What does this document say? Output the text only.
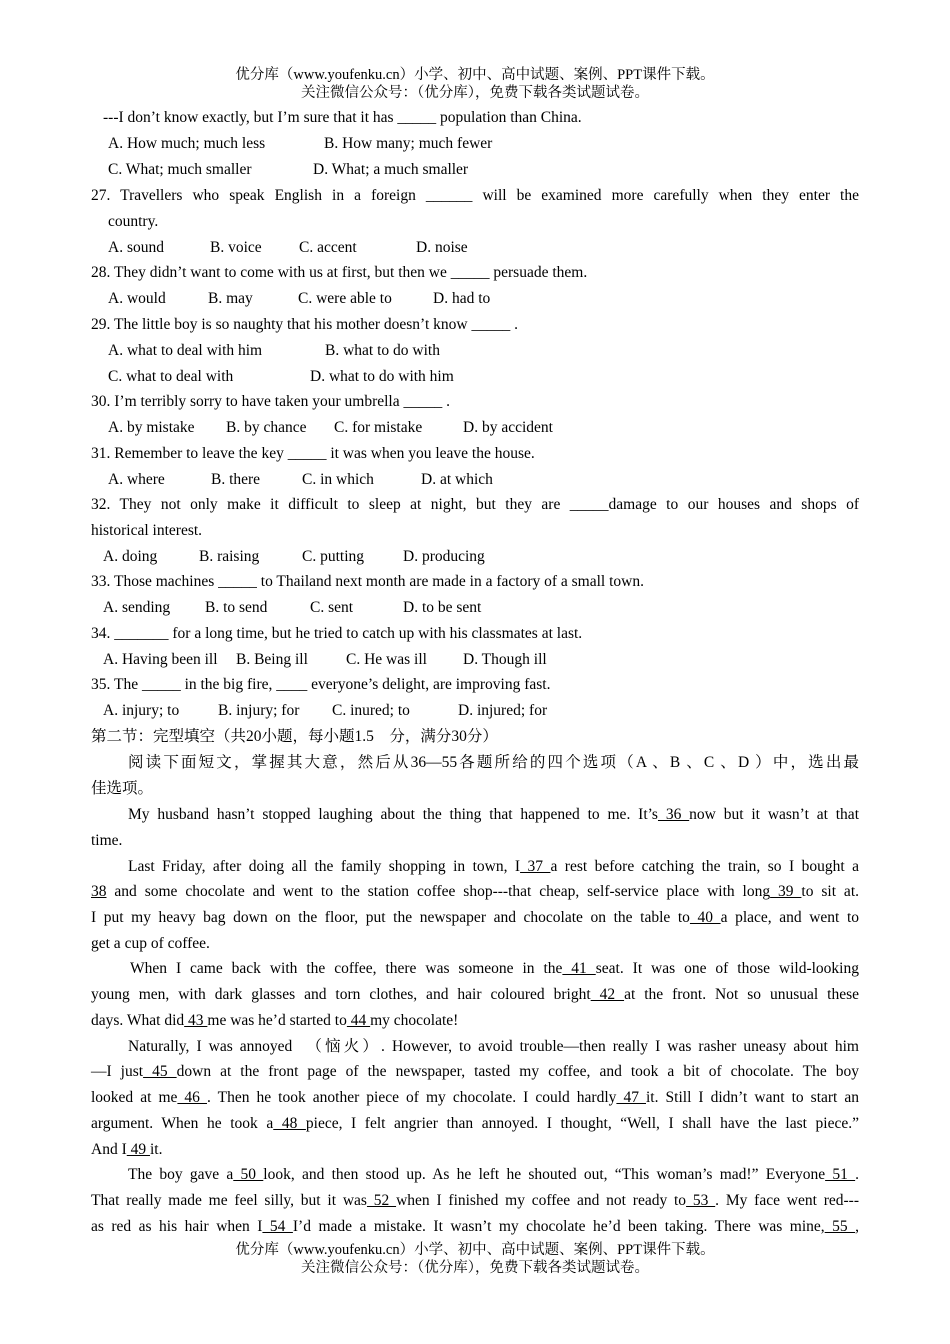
优分库（www.youfenku.cn）小学、初中、高中试题、案例、PPT课件下载。
关注微信公众号：（优分库），免费下载各类试题试卷。
---I don’t know exactly, but I’m sure that it has _____ population than China.
A. How much; much less	B. How many; much fewer
C. What; much smaller	D. What; a much smaller
27. Travellers who speak English in a foreign ______ will be examined more carefully when they enter the
country.
A. sound	B. voice C. accent	D. noise
28. They didn’t want to come with us at first, but then we _____ persuade them.
A. would	B. may	C. were able to	D. had to
29. The little boy is so naughty that his mother doesn’t know _____ .
A. what to deal with him	B. what to do with
C. what to deal with	D. what to do with him
30. I’m terribly sorry to have taken your umbrella _____ .
A. by mistake B. by chance C. for mistake	D. by accident
31. Remember to leave the key _____ it was when you leave the house.
A. where	B. there	C. in which	D. at which
32. They not only make it difficult to sleep at night, but they are _____damage to our houses and shops of
historical interest.
A. doing	B. raising	C. putting	D. producing
33. Those machines _____ to Thailand next month are made in a factory of a small town.
A. sending B. to send	C. sent	D. to be sent
34. _______ for a long time, but he tried to catch up with his classmates at last.
A. Having been ill B. Being ill C. He was ill D. Though ill
35. The _____ in the big fire, ____ everyone’s delight, are improving fast.
A. injury; to	B. injury; for C. inured; to	D. injured; for
第二节：完型填空（共20小题，每小题1.5　分，满分30分）
阅读下面短文，掌握其大意，然后从36—55各题所给的四个选项（A 、B 、C 、D ）中，选出最
佳选项。
My husband hasn’t stopped laughing about the thing that happened to me. It’s 36 now but it wasn’t at that
time.
Last Friday, after doing all the family shopping in town, I 37 a rest before catching the train, so I bought a
38 and some chocolate and went to the station coffee shop---that cheap, self-service place with long 39 to sit at.
I put my heavy bag down on the floor, put the newspaper and chocolate on the table to 40 a place, and went to
get a cup of coffee.
When I came back with the coffee, there was someone in the 41 seat. It was one of those wild-looking
young men, with dark glasses and torn clothes, and hair coloured bright 42 at the front. Not so unusual these
days. What did 43 me was he’d started to 44 my chocolate!
Naturally, I was annoyed　（恼火）. However, to avoid trouble—then really I was rasher uneasy about him
—I just 45 down at the front page of the newspaper, tasted my coffee, and took a bit of chocolate. The boy
looked at me 46 . Then he took another piece of my chocolate. I could hardly 47 it. Still I didn’t want to start an
argument. When he took a 48 piece, I felt angrier than annoyed. I thought, “Well, I shall have the last piece.”
And I 49 it.
The boy gave a 50 look, and then stood up. As he left he shouted out, “This woman’s mad!” Everyone 51 .
That really made me feel silly, but it was 52 when I finished my coffee and not ready to 53 . My face went red---
as red as his hair when I 54 I’d made a mistake. It wasn’t my chocolate he’d been taking. There was mine, 55 ,
优分库（www.youfenku.cn）小学、初中、高中试题、案例、PPT课件下载。
关注微信公众号：（优分库），免费下载各类试题试卷。
